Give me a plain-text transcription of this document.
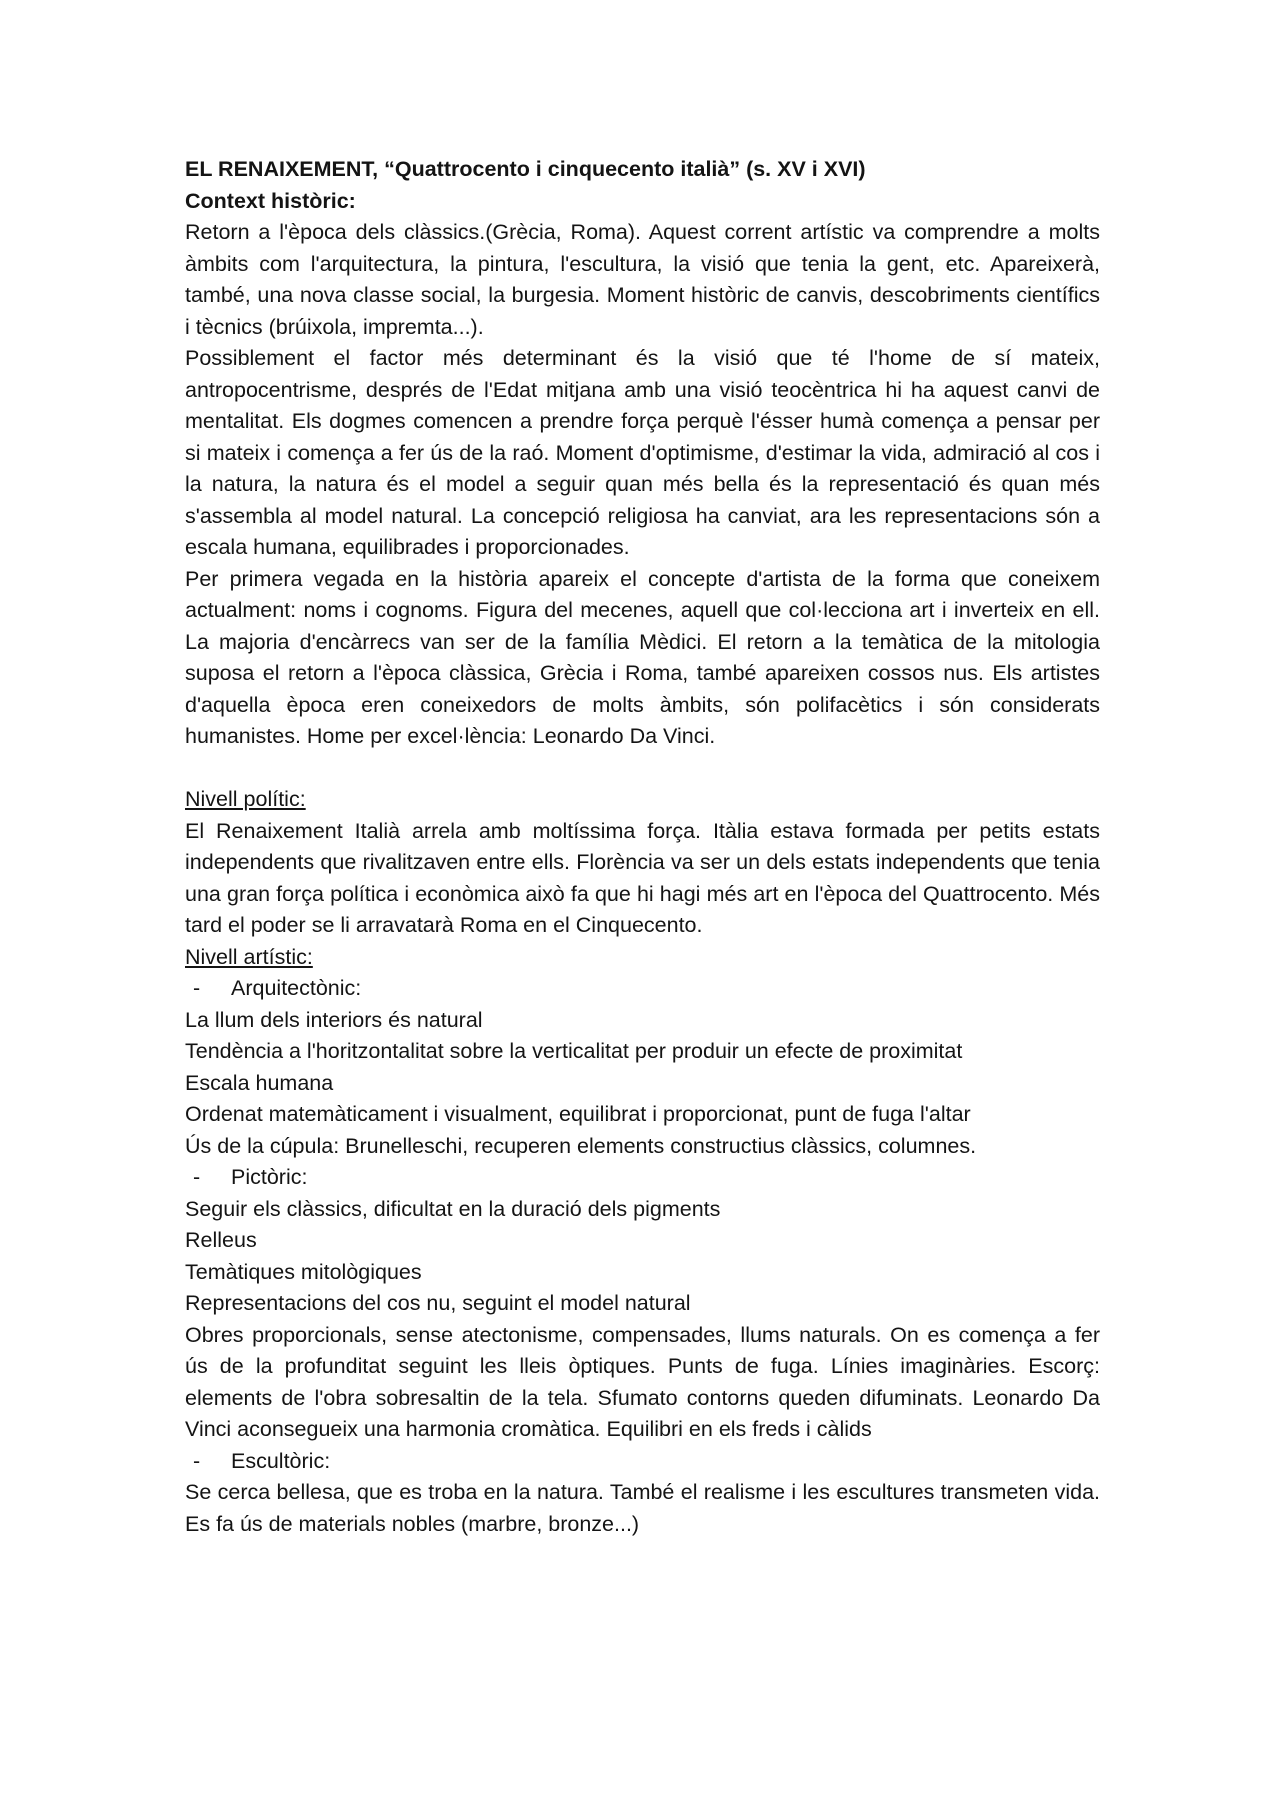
EL RENAIXEMENT, “Quattrocento i cinquecento italià” (s. XV i XVI)

Context històric:

Retorn a l'època dels clàssics.(Grècia, Roma). Aquest corrent artístic va comprendre a molts àmbits com l'arquitectura, la pintura, l'escultura, la visió que tenia la gent, etc. Apareixerà, també, una nova classe social, la burgesia. Moment històric de canvis, descobriments científics i tècnics (brúixola, impremta...).

Possiblement el factor més determinant és la visió que té l'home de sí mateix, antropocentrisme, després de l'Edat mitjana amb una visió teocèntrica hi ha aquest canvi de mentalitat. Els dogmes comencen a prendre força perquè l'ésser humà comença a pensar per si mateix i comença a fer ús de la raó. Moment d'optimisme, d'estimar la vida, admiració al cos i la natura, la natura és el model a seguir quan més bella és la representació és quan més s'assembla al model natural. La concepció religiosa ha canviat, ara les representacions són a escala humana, equilibrades i proporcionades.

Per primera vegada en la història apareix el concepte d'artista de la forma que coneixem actualment: noms i cognoms. Figura del mecenes, aquell que col·lecciona art i inverteix en ell. La majoria d'encàrrecs van ser de la família Mèdici. El retorn a la temàtica de la mitologia suposa el retorn a l'època clàssica, Grècia i Roma, també apareixen cossos nus. Els artistes d'aquella època eren coneixedors de molts àmbits, són polifacètics i són considerats humanistes. Home per excel·lència: Leonardo Da Vinci.

Nivell polític:

El Renaixement Italià arrela amb moltíssima força. Itàlia estava formada per petits estats independents que rivalitzaven entre ells. Florència va ser un dels estats independents que tenia una gran força política i econòmica això fa que hi hagi més art en l'època del Quattrocento. Més tard el poder se li arravatarà Roma en el Cinquecento.

Nivell artístic:

-	Arquitectònic:

La llum dels interiors és natural

Tendència a l'horitzontalitat sobre la verticalitat per produir un efecte de proximitat

Escala humana

Ordenat matemàticament i visualment, equilibrat i proporcionat, punt de fuga l'altar

Ús de la cúpula: Brunelleschi, recuperen elements constructius clàssics, columnes.

-	Pictòric:

Seguir els clàssics, dificultat en la duració dels pigments

Relleus

Temàtiques mitològiques

Representacions del cos nu, seguint el model natural

Obres proporcionals, sense atectonisme, compensades, llums naturals. On es comença a fer ús de la profunditat seguint les lleis òptiques. Punts de fuga. Línies imaginàries. Escorç: elements de l'obra sobresaltin de la tela. Sfumato contorns queden difuminats. Leonardo Da Vinci aconsegueix una harmonia cromàtica. Equilibri en els freds i càlids

-	Escultòric:

Se cerca bellesa, que es troba en la natura. També el realisme i les escultures transmeten vida. Es fa ús de materials nobles (marbre, bronze...)
